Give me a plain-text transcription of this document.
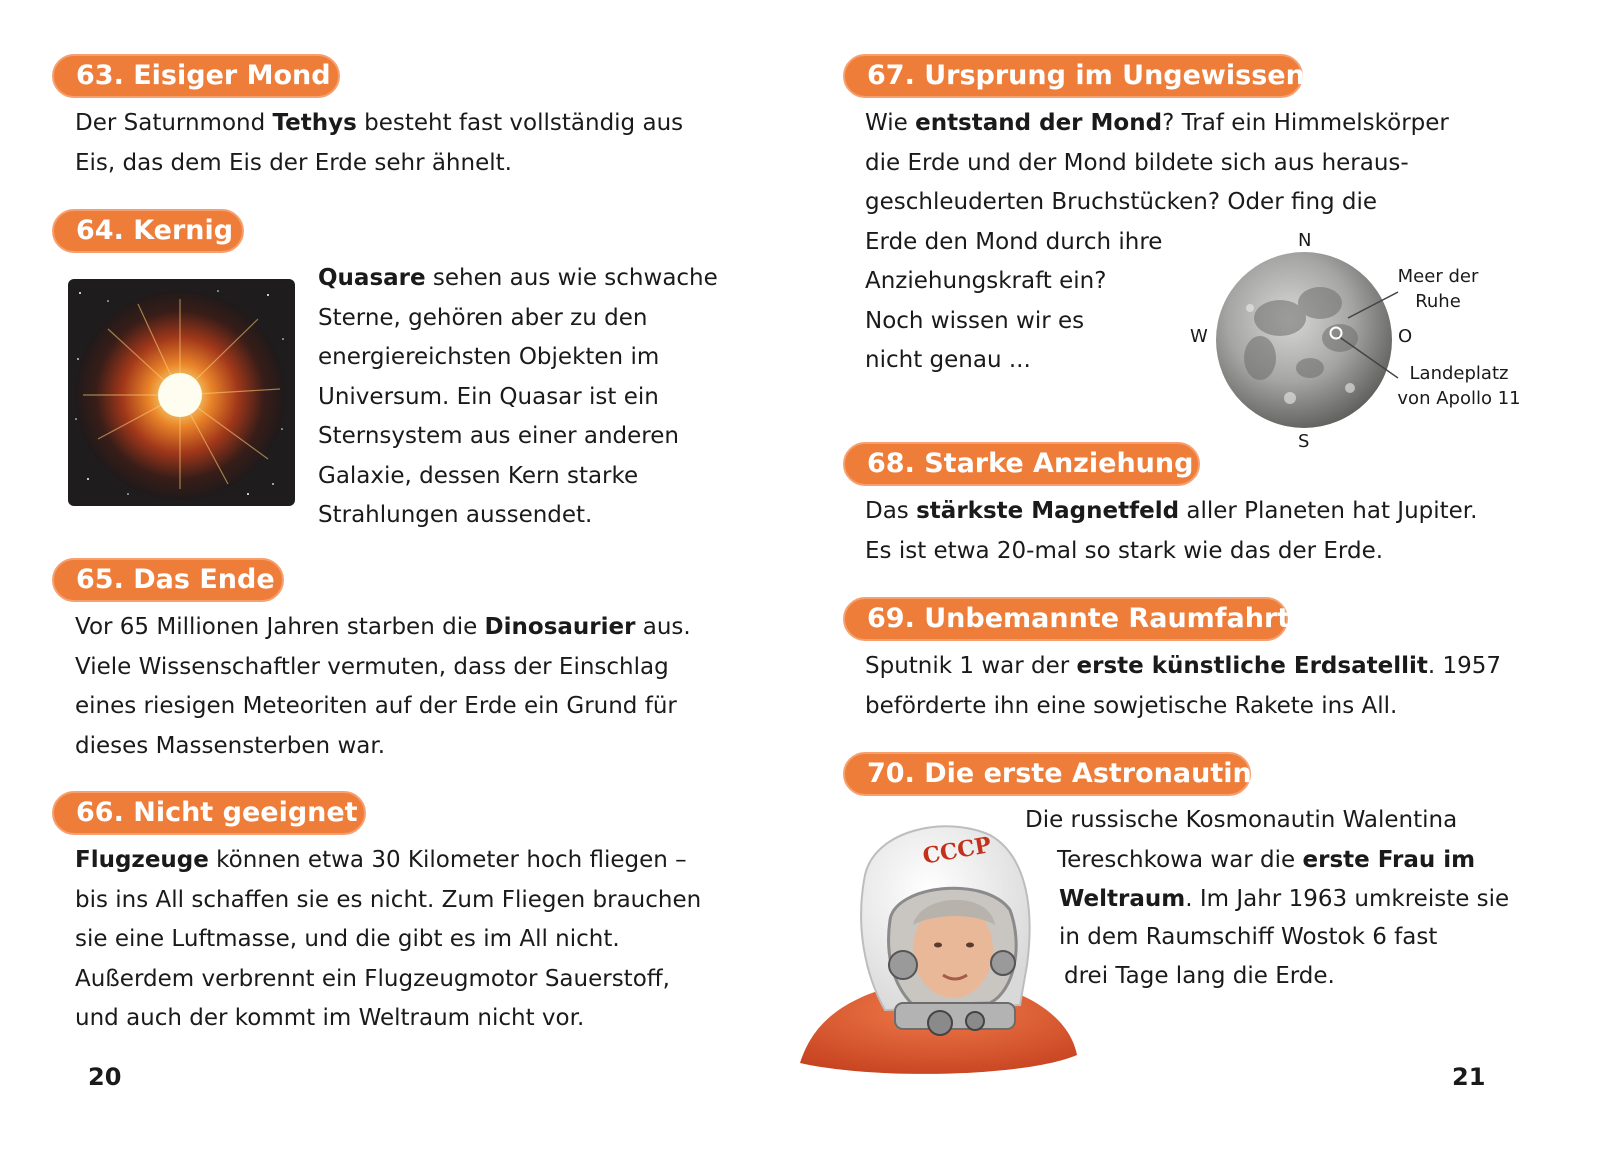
63. Eisiger Mond
Der Saturnmond Tethys besteht fast vollständig aus
Eis, das dem Eis der Erde sehr ähnelt.
64. Kernig
Quasare sehen aus wie schwache
Sterne, gehören aber zu den
energiereichsten Objekten im
Universum. Ein Quasar ist ein
Sternsystem aus einer anderen
Galaxie, dessen Kern starke
Strahlungen aussendet.
65. Das Ende
Vor 65 Millionen Jahren starben die Dinosaurier aus.
Viele Wissenschaftler vermuten, dass der Einschlag
eines riesigen Meteoriten auf der Erde ein Grund für
dieses Massensterben war.
66. Nicht geeignet
Flugzeuge können etwa 30 Kilometer hoch fliegen –
bis ins All schaffen sie es nicht. Zum Fliegen brauchen
sie eine Luftmasse, und die gibt es im All nicht.
Außerdem verbrennt ein Flugzeugmotor Sauerstoff,
und auch der kommt im Weltraum nicht vor.
20
67. Ursprung im Ungewissen
Wie entstand der Mond? Traf ein Himmelskörper
die Erde und der Mond bildete sich aus heraus-
geschleuderten Bruchstücken? Oder fing die
Erde den Mond durch ihre
Anziehungskraft ein?
Noch wissen wir es
nicht genau ...
N
S
W	O
Meer der
Ruhe
Landeplatz
von Apollo 11
68. Starke Anziehung
Das stärkste Magnetfeld aller Planeten hat Jupiter.
Es ist etwa 20-mal so stark wie das der Erde.
69. Unbemannte Raumfahrt
Sputnik 1 war der erste künstliche Erdsatellit. 1957
beförderte ihn eine sowjetische Rakete ins All.
70. Die erste Astronautin
CCCP
Die russische Kosmonautin Walentina
Tereschkowa war die erste Frau im
Weltraum. Im Jahr 1963 umkreiste sie
in dem Raumschiff Wostok 6 fast
drei Tage lang die Erde.
21
